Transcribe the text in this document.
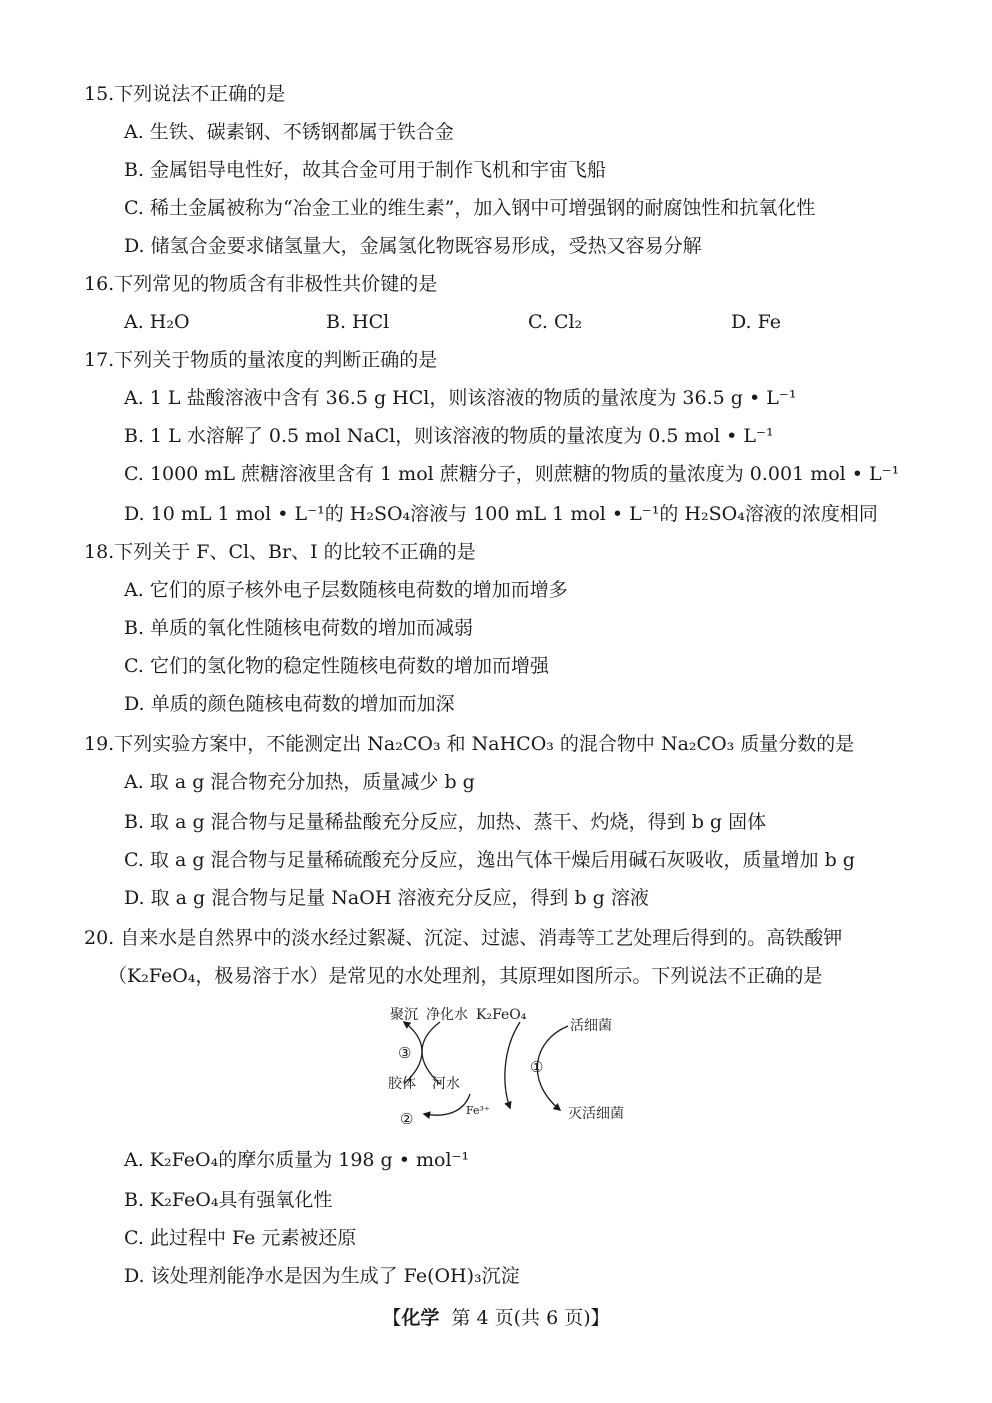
15.下列说法不正确的是
A. 生铁、碳素钢、不锈钢都属于铁合金
B. 金属铝导电性好，故其合金可用于制作飞机和宇宙飞船
C. 稀土金属被称为“冶金工业的维生素”，加入钢中可增强钢的耐腐蚀性和抗氧化性
D. 储氢合金要求储氢量大，金属氢化物既容易形成，受热又容易分解
16.下列常见的物质含有非极性共价键的是
A. H₂O	B. HCl	C. Cl₂	D. Fe
17.下列关于物质的量浓度的判断正确的是
A. 1 L 盐酸溶液中含有 36.5 g HCl，则该溶液的物质的量浓度为 36.5 g • L⁻¹
B. 1 L 水溶解了 0.5 mol NaCl，则该溶液的物质的量浓度为 0.5 mol • L⁻¹
C. 1000 mL 蔗糖溶液里含有 1 mol 蔗糖分子，则蔗糖的物质的量浓度为 0.001 mol • L⁻¹
D. 10 mL 1 mol • L⁻¹的 H₂SO₄溶液与 100 mL 1 mol • L⁻¹的 H₂SO₄溶液的浓度相同
18.下列关于 F、Cl、Br、I 的比较不正确的是
A. 它们的原子核外电子层数随核电荷数的增加而增多
B. 单质的氧化性随核电荷数的增加而减弱
C. 它们的氢化物的稳定性随核电荷数的增加而增强
D. 单质的颜色随核电荷数的增加而加深
19.下列实验方案中，不能测定出 Na₂CO₃ 和 NaHCO₃ 的混合物中 Na₂CO₃ 质量分数的是
A. 取 a g 混合物充分加热，质量减少 b g
B. 取 a g 混合物与足量稀盐酸充分反应，加热、蒸干、灼烧，得到 b g 固体
C. 取 a g 混合物与足量稀硫酸充分反应，逸出气体干燥后用碱石灰吸收，质量增加 b g
D. 取 a g 混合物与足量 NaOH 溶液充分反应，得到 b g 溶液
20. 自来水是自然界中的淡水经过絮凝、沉淀、过滤、消毒等工艺处理后得到的。高铁酸钾
（K₂FeO₄，极易溶于水）是常见的水处理剂，其原理如图所示。下列说法不正确的是
聚沉 净化水 K₂FeO₄
活细菌
③
胶体 河水
②	Fe³⁺
①
灭活细菌
A. K₂FeO₄的摩尔质量为 198 g • mol⁻¹
B. K₂FeO₄具有强氧化性
C. 此过程中 Fe 元素被还原
D. 该处理剂能净水是因为生成了 Fe(OH)₃沉淀
【化学 第 4 页(共 6 页)】
